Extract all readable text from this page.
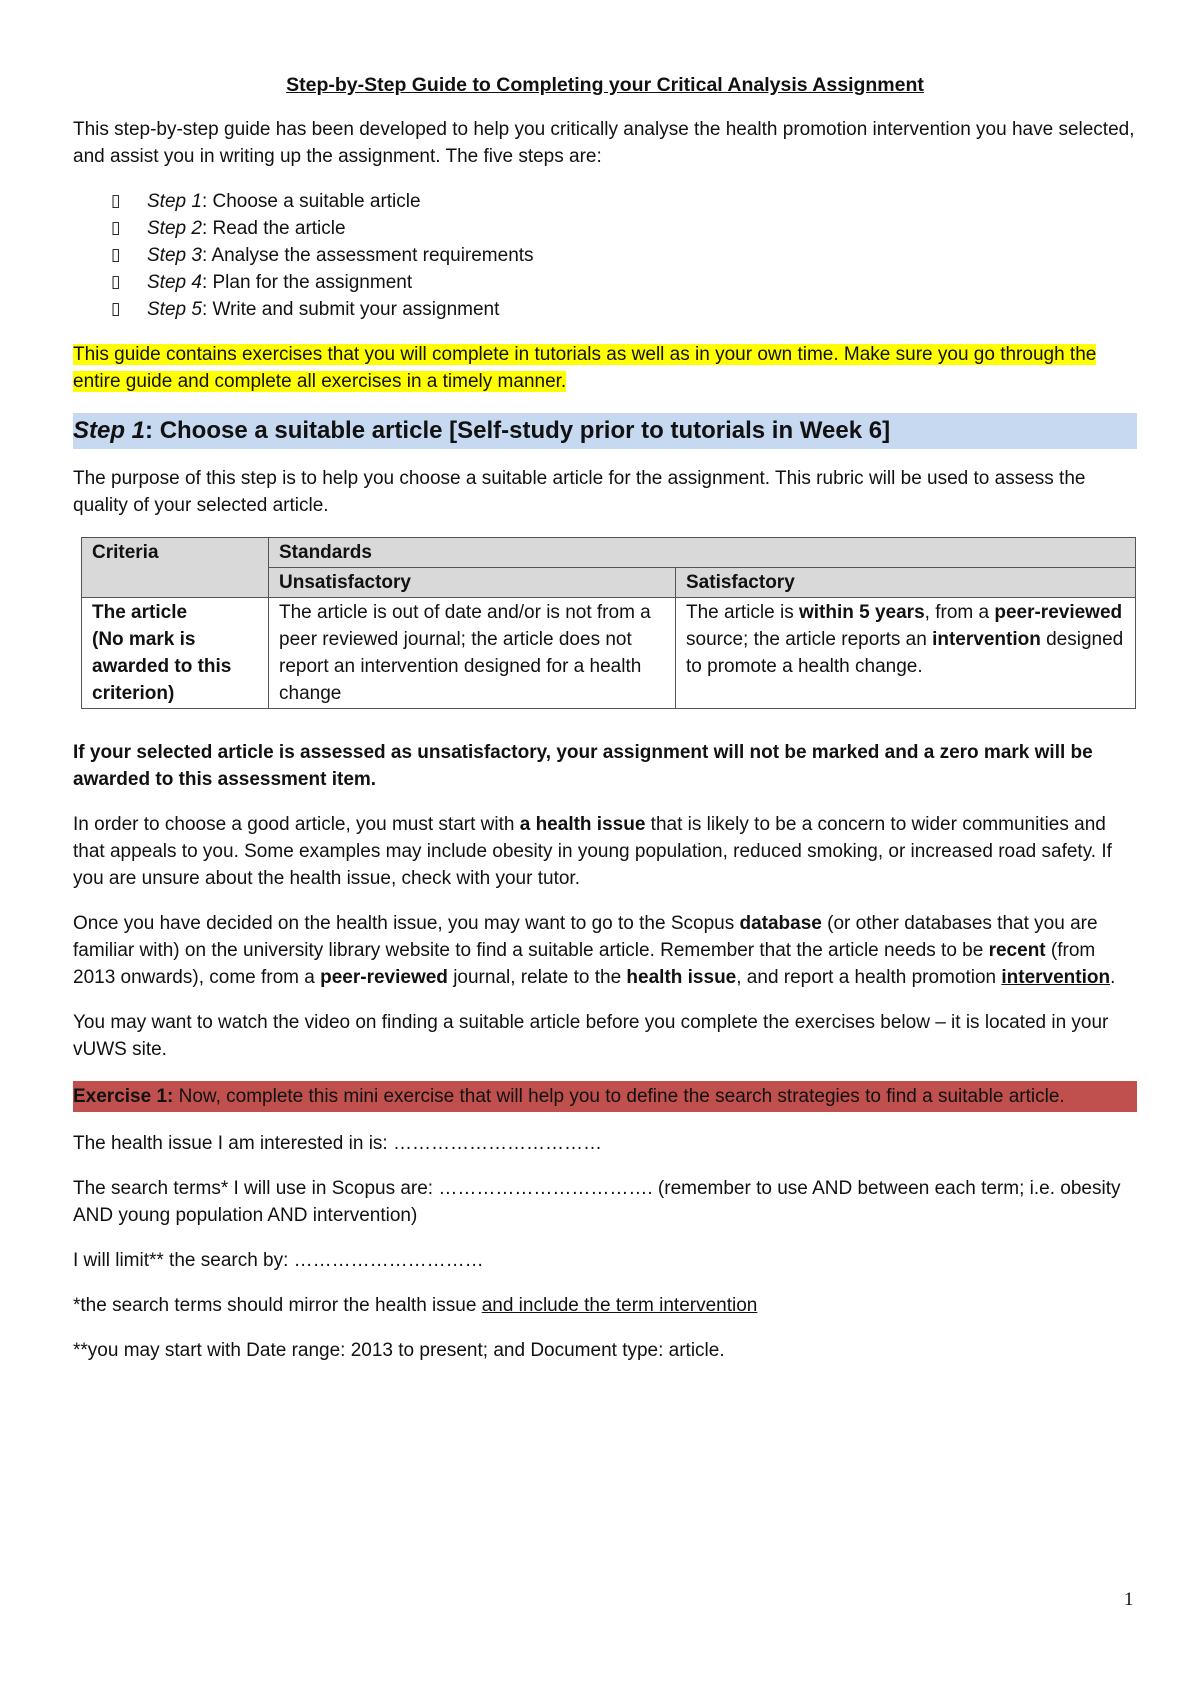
Step-by-Step Guide to Completing your Critical Analysis Assignment

This step-by-step guide has been developed to help you critically analyse the health promotion intervention you have selected, and assist you in writing up the assignment. The five steps are:

▯ Step 1: Choose a suitable article
▯ Step 2: Read the article
▯ Step 3: Analyse the assessment requirements
▯ Step 4: Plan for the assignment
▯ Step 5: Write and submit your assignment

This guide contains exercises that you will complete in tutorials as well as in your own time. Make sure you go through the entire guide and complete all exercises in a timely manner.

Step 1: Choose a suitable article [Self-study prior to tutorials in Week 6]

The purpose of this step is to help you choose a suitable article for the assignment. This rubric will be used to assess the quality of your selected article.

Criteria	Standards	
	Unsatisfactory	Satisfactory

The article
(No mark is awarded to this criterion)	The article is out of date and/or is not from a peer reviewed journal; the article does not report an intervention designed for a health change	The article is within 5 years, from a peer-reviewed source; the article reports an intervention designed to promote a health change.

If your selected article is assessed as unsatisfactory, your assignment will not be marked and a zero mark will be awarded to this assessment item.

In order to choose a good article, you must start with a health issue that is likely to be a concern to wider communities and that appeals to you. Some examples may include obesity in young population, reduced smoking, or increased road safety. If you are unsure about the health issue, check with your tutor.

Once you have decided on the health issue, you may want to go to the Scopus database (or other databases that you are familiar with) on the university library website to find a suitable article. Remember that the article needs to be recent (from 2013 onwards), come from a peer-reviewed journal, relate to the health issue, and report a health promotion intervention.

You may want to watch the video on finding a suitable article before you complete the exercises below – it is located in your vUWS site.

Exercise 1: Now, complete this mini exercise that will help you to define the search strategies to find a suitable article.

The health issue I am interested in is: ……………………………

The search terms* I will use in Scopus are: ……………………………. (remember to use AND between each term; i.e. obesity AND young population AND intervention)

I will limit** the search by: …………………………

*the search terms should mirror the health issue and include the term intervention

**you may start with Date range: 2013 to present; and Document type: article.

1
